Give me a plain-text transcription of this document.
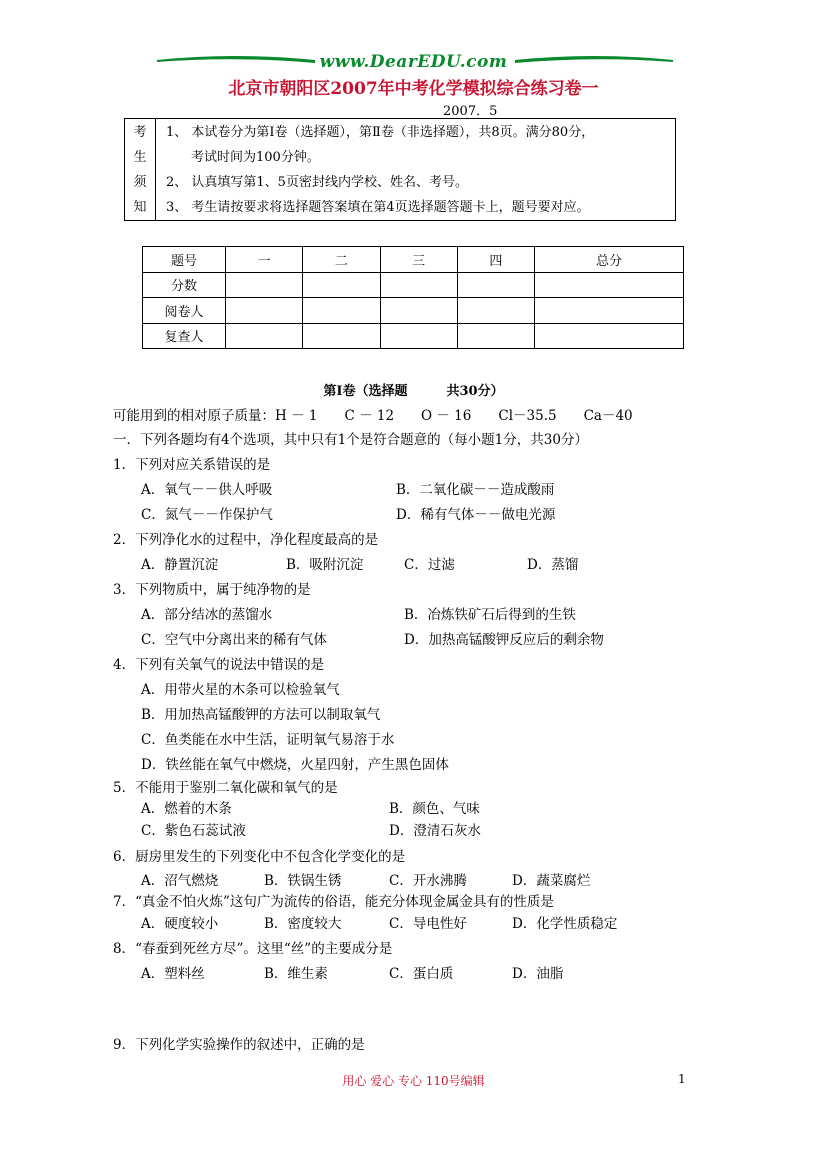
www.DearEDU.com
北京市朝阳区2007年中考化学模拟综合练习卷一
2007．5
考
生
须
知

1、 本试卷分为第Ⅰ卷（选择题），第Ⅱ卷（非选择题），共8页。满分80分，
考试时间为100分钟。
2、 认真填写第1、5页密封线内学校、姓名、考号。
3、 考生请按要求将选择题答案填在第4页选择题答题卡上，题号要对应。
题号	一	二	三	四	总分
分数					
阅卷人					
复查人					
第Ⅰ卷（选择题　　　共30分）
可能用到的相对原子质量：H － 1　　C － 12　　O － 16　　Cl－35.5　　Ca－40
一．下列各题均有4个选项，其中只有1个是符合题意的（每小题1分，共30分）
1．下列对应关系错误的是
A．氧气－－供人呼吸	B．二氧化碳－－造成酸雨
C．氮气－－作保护气	D．稀有气体－－做电光源
2．下列净化水的过程中，净化程度最高的是
A．静置沉淀	B．吸附沉淀	C．过滤	D．蒸馏
3．下列物质中，属于纯净物的是
A．部分结冰的蒸馏水	B．冶炼铁矿石后得到的生铁
C．空气中分离出来的稀有气体	D．加热高锰酸钾反应后的剩余物
4．下列有关氧气的说法中错误的是
A．用带火星的木条可以检验氧气
B．用加热高锰酸钾的方法可以制取氧气
C．鱼类能在水中生活，证明氧气易溶于水
D．铁丝能在氧气中燃烧，火星四射，产生黑色固体
5．不能用于鉴别二氧化碳和氧气的是
A．燃着的木条	B．颜色、气味
C．紫色石蕊试液	D．澄清石灰水
6．厨房里发生的下列变化中不包含化学变化的是
A．沼气燃烧	B．铁锅生锈	C．开水沸腾	D．蔬菜腐烂
7．“真金不怕火炼”这句广为流传的俗语，能充分体现金属金具有的性质是
A．硬度较小	B．密度较大	C．导电性好	D．化学性质稳定
8．“春蚕到死丝方尽”。这里“丝”的主要成分是
A．塑料丝	B．维生素	C．蛋白质	D．油脂
9．下列化学实验操作的叙述中，正确的是
用心 爱心 专心 110号编辑	1
